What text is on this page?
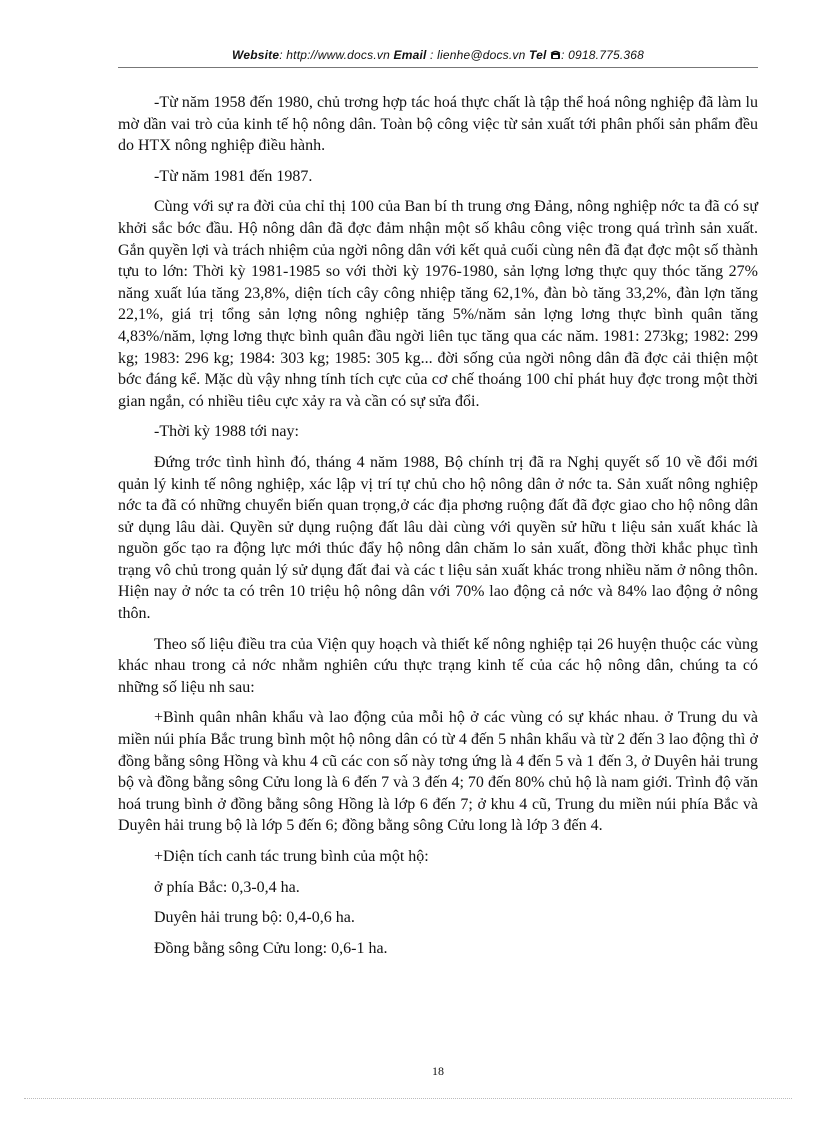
Website: http://www.docs.vn Email : lienhe@docs.vn Tel : 0918.775.368

-Từ năm 1958 đến 1980, chủ trơng hợp tác hoá thực chất là tập thể hoá nông nghiệp đã làm lu mờ dần vai trò của kinh tế hộ nông dân. Toàn bộ công việc từ sản xuất tới phân phối sản phẩm đều do HTX nông nghiệp điều hành.

-Từ năm 1981 đến 1987.

Cùng với sự ra đời của chỉ thị 100 của Ban bí th trung ơng Đảng, nông nghiệp nớc ta đã có sự khởi sắc bớc đầu. Hộ nông dân đã đợc đảm nhận một số khâu công việc trong quá trình sản xuất. Gắn quyền lợi và trách nhiệm của ngời nông dân với kết quả cuối cùng nên đã đạt đợc một số thành tựu to lớn: Thời kỳ 1981-1985 so với thời kỳ 1976-1980, sản lợng lơng thực quy thóc tăng 27% năng xuất lúa tăng 23,8%, diện tích cây công nhiệp tăng 62,1%, đàn bò tăng 33,2%, đàn lợn tăng 22,1%, giá trị tổng sản lợng nông nghiệp tăng 5%/năm sản lợng lơng thực bình quân tăng 4,83%/năm, lợng lơng thực bình quân đầu ngời liên tục tăng qua các năm. 1981: 273kg; 1982: 299 kg; 1983: 296 kg; 1984: 303 kg; 1985: 305 kg... đời sống của ngời nông dân đã đợc cải thiện một bớc đáng kể. Mặc dù vậy nhng tính tích cực của cơ chế thoáng 100 chỉ phát huy đợc trong một thời gian ngắn, có nhiều tiêu cực xảy ra và cần có sự sửa đổi.

-Thời kỳ 1988 tới nay:

Đứng trớc tình hình đó, tháng 4 năm 1988, Bộ chính trị đã ra Nghị quyết số 10 về đổi mới quản lý kinh tế nông nghiệp, xác lập vị trí tự chủ cho hộ nông dân ở nớc ta. Sản xuất nông nghiệp nớc ta đã có những chuyển biến quan trọng,ở các địa phơng ruộng đất đã đợc giao cho hộ nông dân sử dụng lâu dài. Quyền sử dụng ruộng đất lâu dài cùng với quyền sử hữu t liệu sản xuất khác là nguồn gốc tạo ra động lực mới thúc đẩy hộ nông dân chăm lo sản xuất, đồng thời khắc phục tình trạng vô chủ trong quản lý sử dụng đất đai và các t liệu sản xuất khác trong nhiều năm ở nông thôn. Hiện nay ở nớc ta có trên 10 triệu hộ nông dân với 70% lao động cả nớc và 84% lao động ở nông thôn.

Theo số liệu điều tra của Viện quy hoạch và thiết kế nông nghiệp tại 26 huyện thuộc các vùng khác nhau trong cả nớc nhằm nghiên cứu thực trạng kinh tế của các hộ nông dân, chúng ta có những số liệu nh sau:

+Bình quân nhân khẩu và lao động của mỗi hộ ở các vùng có sự khác nhau. ở Trung du và miền núi phía Bắc trung bình một hộ nông dân có từ 4 đến 5 nhân khẩu và từ 2 đến 3 lao động thì ở đồng bằng sông Hồng và khu 4 cũ các con số này tơng ứng là 4 đến 5 và 1 đến 3, ở Duyên hải trung bộ và đồng bằng sông Cửu long là 6 đến 7 và 3 đến 4; 70 đến 80% chủ hộ là nam giới. Trình độ văn hoá trung bình ở đồng bằng sông Hồng là lớp 6 đến 7; ở khu 4 cũ, Trung du miền núi phía Bắc và Duyên hải trung bộ là lớp 5 đến 6; đồng bằng sông Cửu long là lớp 3 đến 4.

+Diện tích canh tác trung bình của một hộ:

ở phía Bắc: 0,3-0,4 ha.

Duyên hải trung bộ: 0,4-0,6 ha.

Đồng bằng sông Cửu long: 0,6-1 ha.

18
